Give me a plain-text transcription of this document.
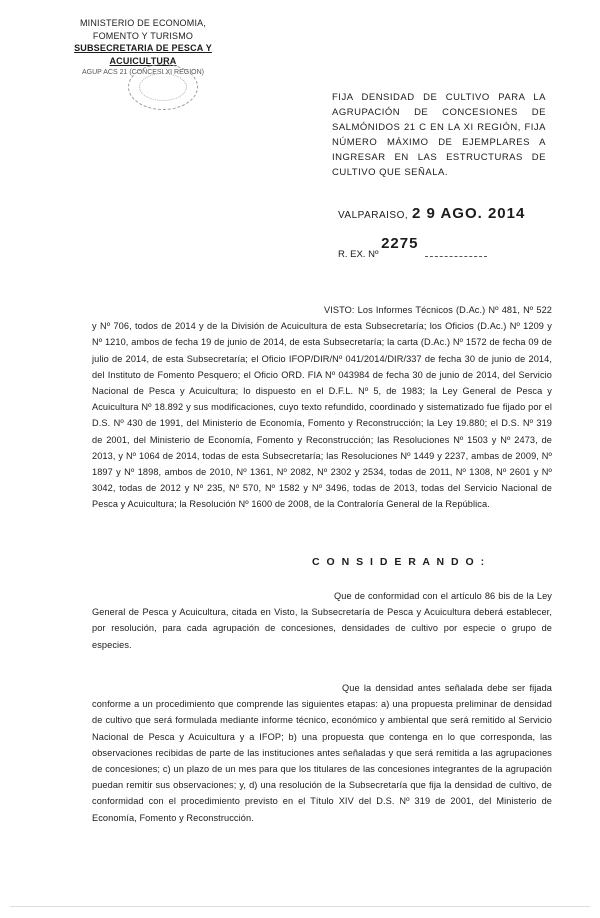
MINISTERIO DE ECONOMIA,
FOMENTO Y TURISMO
SUBSECRETARIA DE PESCA Y ACUICULTURA
AGUP ACS 21 (CONCESI XI REGION)
FIJA DENSIDAD DE CULTIVO PARA LA AGRUPACIÓN DE CONCESIONES DE SALMÓNIDOS 21 C EN LA XI REGIÓN, FIJA NÚMERO MÁXIMO DE EJEMPLARES A INGRESAR EN LAS ESTRUCTURAS DE CULTIVO QUE SEÑALA.
VALPARAISO, 2 9 AGO. 2014
R. EX. Nº 2275
VISTO: Los Informes Técnicos (D.Ac.) Nº 481, Nº 522 y Nº 706, todos de 2014 y de la División de Acuicultura de esta Subsecretaría; los Oficios (D.Ac.) Nº 1209 y Nº 1210, ambos de fecha 19 de junio de 2014, de esta Subsecretaría; la carta (D.Ac.) Nº 1572 de fecha 09 de julio de 2014, de esta Subsecretaría; el Oficio IFOP/DIR/Nº 041/2014/DIR/337 de fecha 30 de junio de 2014, del Instituto de Fomento Pesquero; el Oficio ORD. FIA Nº 043984 de fecha 30 de junio de 2014, del Servicio Nacional de Pesca y Acuicultura; lo dispuesto en el D.F.L. Nº 5, de 1983; la Ley General de Pesca y Acuicultura Nº 18.892 y sus modificaciones, cuyo texto refundido, coordinado y sistematizado fue fijado por el D.S. Nº 430 de 1991, del Ministerio de Economía, Fomento y Reconstrucción; la Ley 19.880; el D.S. Nº 319 de 2001, del Ministerio de Economía, Fomento y Reconstrucción; las Resoluciones Nº 1503 y Nº 2473, de 2013, y Nº 1064 de 2014, todas de esta Subsecretaría; las Resoluciones Nº 1449 y 2237, ambas de 2009, Nº 1897 y Nº 1898, ambos de 2010, Nº 1361, Nº 2082, Nº 2302 y 2534, todas de 2011, Nº 1308, Nº 2601 y Nº 3042, todas de 2012 y Nº 235, Nº 570, Nº 1582 y Nº 3496, todas de 2013, todas del Servicio Nacional de Pesca y Acuicultura; la Resolución Nº 1600 de 2008, de la Contraloría General de la República.
C O N S I D E R A N D O :
Que de conformidad con el artículo 86 bis de la Ley General de Pesca y Acuicultura, citada en Visto, la Subsecretaría de Pesca y Acuicultura deberá establecer, por resolución, para cada agrupación de concesiones, densidades de cultivo por especie o grupo de especies.
Que la densidad antes señalada debe ser fijada conforme a un procedimiento que comprende las siguientes etapas: a) una propuesta preliminar de densidad de cultivo que será formulada mediante informe técnico, económico y ambiental que será remitido al Servicio Nacional de Pesca y Acuicultura y a IFOP; b) una propuesta que contenga en lo que corresponda, las observaciones recibidas de parte de las instituciones antes señaladas y que será remitida a las agrupaciones de concesiones; c) un plazo de un mes para que los titulares de las concesiones integrantes de la agrupación puedan remitir sus observaciones; y, d) una resolución de la Subsecretaría que fija la densidad de cultivo, de conformidad con el procedimiento previsto en el Título XIV del D.S. Nº 319 de 2001, del Ministerio de Economía, Fomento y Reconstrucción.
